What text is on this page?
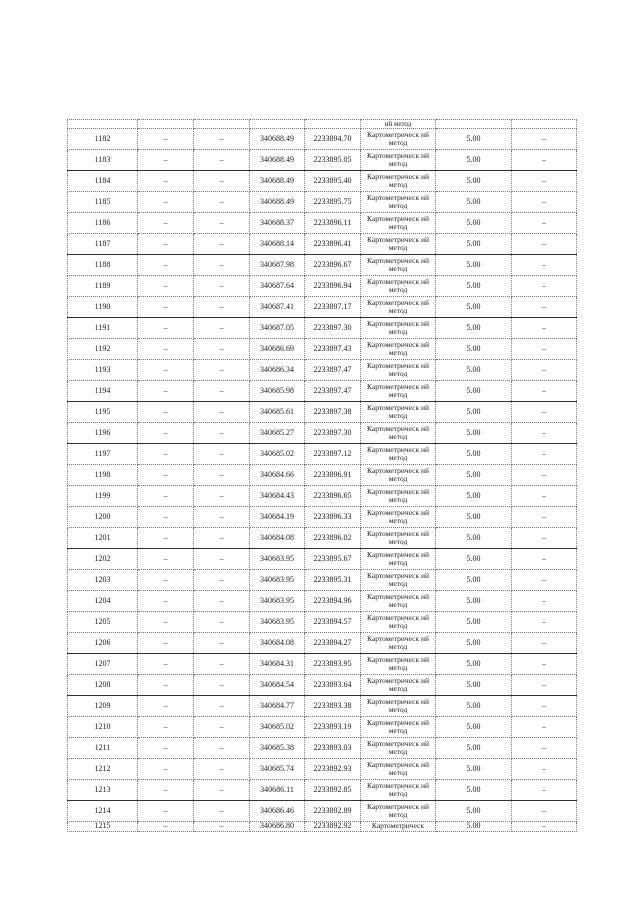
					ий метод		

1182	–	–	340688.49	2233894.70	Картометрическ ий метод	5.00	–
1183	–	–	340688.49	2233895.05	Картометрическ ий метод	5.00	–
1184	–	–	340688.49	2233895.40	Картометрическ ий метод	5.00	–
1185	–	–	340688.49	2233895.75	Картометрическ ий метод	5.00	–
1186	–	–	340688.37	2233896.11	Картометрическ ий метод	5.00	–
1187	–	–	340688.14	2233896.41	Картометрическ ий метод	5.00	–
1188	–	–	340687.98	2233896.67	Картометрическ ий метод	5.00	–
1189	–	–	340687.64	2233896.94	Картометрическ ий метод	5.00	–
1190	–	–	340687.41	2233897.17	Картометрическ ий метод	5.00	–
1191	–	–	340687.05	2233897.30	Картометрическ ий метод	5.00	–
1192	–	–	340686.69	2233897.43	Картометрическ ий метод	5.00	–
1193	–	–	340686.34	2233897.47	Картометрическ ий метод	5.00	–
1194	–	–	340685.98	2233897.47	Картометрическ ий метод	5.00	–
1195	–	–	340685.61	2233897.38	Картометрическ ий метод	5.00	–
1196	–	–	340685.27	2233897.30	Картометрическ ий метод	5.00	–
1197	–	–	340685.02	2233897.12	Картометрическ ий метод	5.00	–
1198	–	–	340684.66	2233896.91	Картометрическ ий метод	5.00	–
1199	–	–	340684.43	2233896.65	Картометрическ ий метод	5.00	–
1200	–	–	340684.19	2233896.33	Картометрическ ий метод	5.00	–
1201	–	–	340684.08	2233896.02	Картометрическ ий метод	5.00	–
1202	–	–	340683.95	2233895.67	Картометрическ ий метод	5.00	–
1203	–	–	340683.95	2233895.31	Картометрическ ий метод	5.00	–
1204	–	–	340683.95	2233894.96	Картометрическ ий метод	5.00	–
1205	–	–	340683.95	2233894.57	Картометрическ ий метод	5.00	–
1206	–	–	340684.08	2233894.27	Картометрическ ий метод	5.00	–
1207	–	–	340684.31	2233893.95	Картометрическ ий метод	5.00	–
1208	–	–	340684.54	2233893.64	Картометрическ ий метод	5.00	–
1209	–	–	340684.77	2233893.38	Картометрическ ий метод	5.00	–
1210	–	–	340685.02	2233893.19	Картометрическ ий метод	5.00	–
1211	–	–	340685.38	2233893.03	Картометрическ ий метод	5.00	–
1212	–	–	340685.74	2233892.93	Картометрическ ий метод	5.00	–
1213	–	–	340686.11	2233892.85	Картометрическ ий метод	5.00	–
1214	–	–	340686.46	2233892.89	Картометрическ ий метод	5.00	–
1215	–	–	340686.80	2233892.92	Картометрическ	5.00	–
